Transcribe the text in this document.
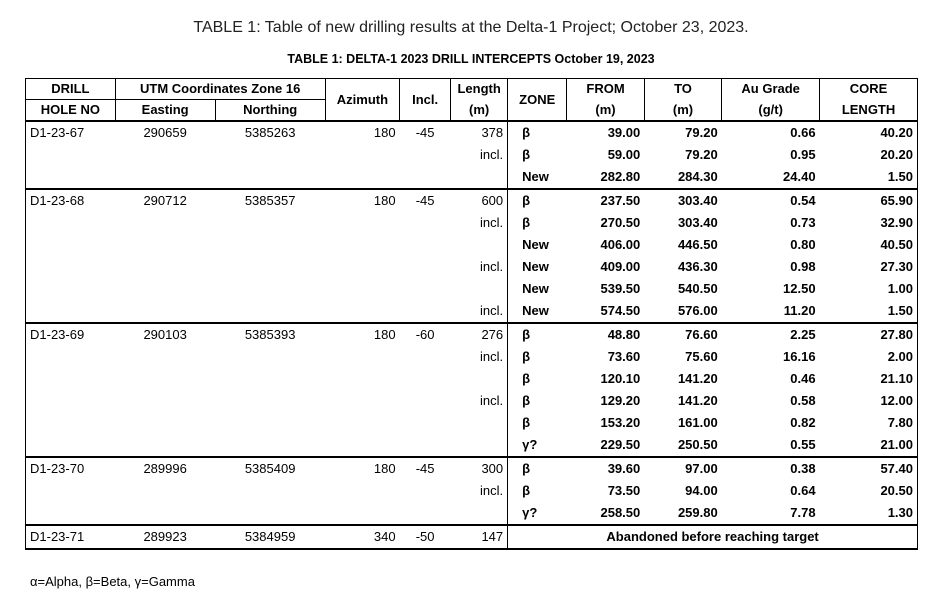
TABLE 1: Table of new drilling results at the Delta-1 Project; October 23, 2023.
TABLE 1: DELTA-1 2023 DRILL INTERCEPTS October 19, 2023
DRILL	UTM Coordinates Zone 16		Azimuth	Incl.	Length	ZONE	FROM	TO	Au Grade	CORE
HOLE NO	Easting	Northing			(m)		(m)	(m)	(g/t)	LENGTH
D1-23-67	290659	5385263	180	-45	378	β	39.00	79.20	0.66	40.20
					incl.	β	59.00	79.20	0.95	20.20
						New	282.80	284.30	24.40	1.50
D1-23-68	290712	5385357	180	-45	600	β	237.50	303.40	0.54	65.90
					incl.	β	270.50	303.40	0.73	32.90
						New	406.00	446.50	0.80	40.50
					incl.	New	409.00	436.30	0.98	27.30
						New	539.50	540.50	12.50	1.00
					incl.	New	574.50	576.00	11.20	1.50
D1-23-69	290103	5385393	180	-60	276	β	48.80	76.60	2.25	27.80
					incl.	β	73.60	75.60	16.16	2.00
						β	120.10	141.20	0.46	21.10
					incl.	β	129.20	141.20	0.58	12.00
						β	153.20	161.00	0.82	7.80
						γ?	229.50	250.50	0.55	21.00
D1-23-70	289996	5385409	180	-45	300	β	39.60	97.00	0.38	57.40
					incl.	β	73.50	94.00	0.64	20.50
						γ?	258.50	259.80	7.78	1.30
D1-23-71	289923	5384959	340	-50	147	Abandoned before reaching target				
α=Alpha, β=Beta, γ=Gamma
